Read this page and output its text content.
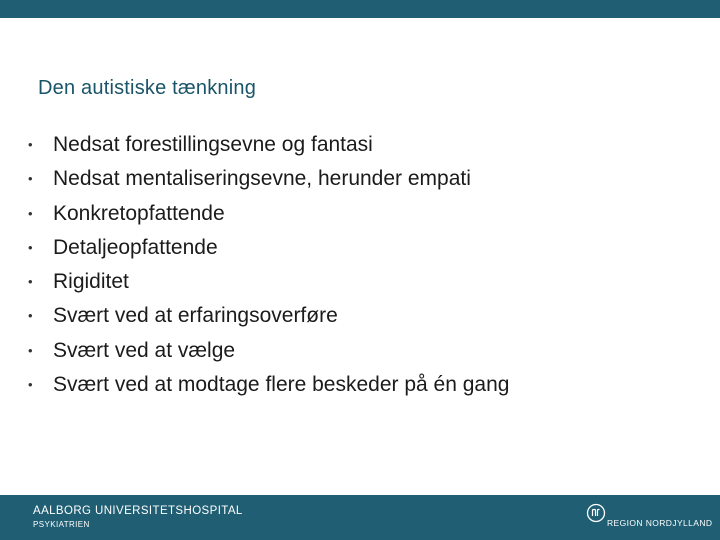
Den autistiske tænkning
• Nedsat forestillingsevne og fantasi
• Nedsat mentaliseringsevne, herunder empati
• Konkretopfattende
• Detaljeopfattende
• Rigiditet
• Svært ved at erfaringsoverføre
• Svært ved at vælge
• Svært ved at modtage flere beskeder på én gang
AALBORG UNIVERSITETSHOSPITAL
PSYKIATRIEN	REGION NORDJYLLAND
